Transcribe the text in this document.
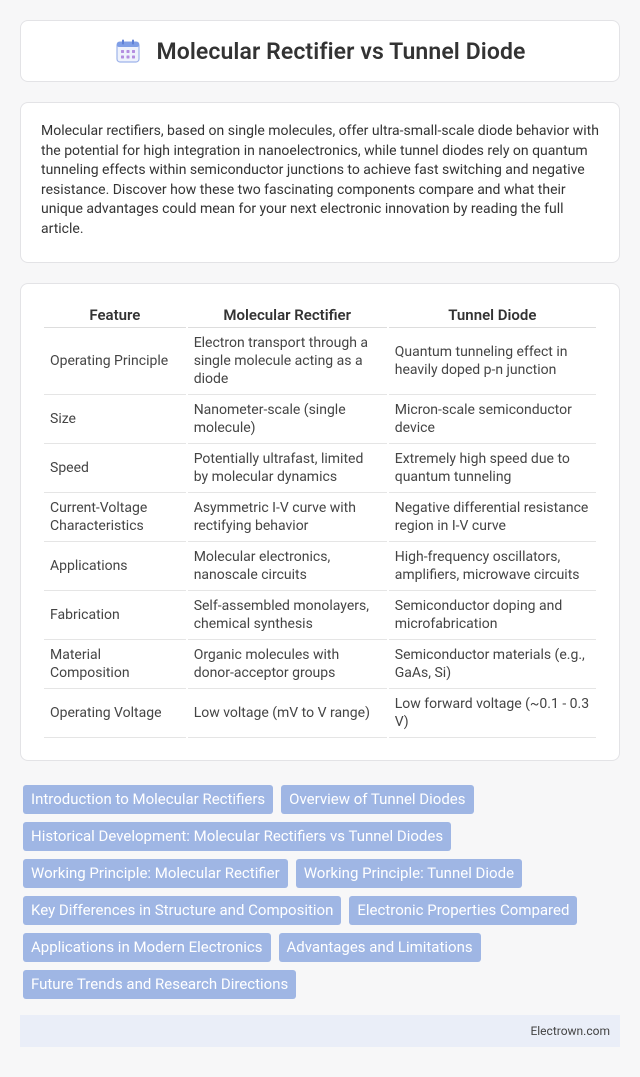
Molecular Rectifier vs Tunnel Diode

Molecular rectifiers, based on single molecules, offer ultra-small-scale diode behavior with the potential for high integration in nanoelectronics, while tunnel diodes rely on quantum tunneling effects within semiconductor junctions to achieve fast switching and negative resistance. Discover how these two fascinating components compare and what their unique advantages could mean for your next electronic innovation by reading the full article.

Feature	Molecular Rectifier	Tunnel Diode
Operating Principle	Electron transport through a single molecule acting as a diode	Quantum tunneling effect in heavily doped p-n junction
Size	Nanometer-scale (single molecule)	Micron-scale semiconductor device
Speed	Potentially ultrafast, limited by molecular dynamics	Extremely high speed due to quantum tunneling
Current-Voltage Characteristics	Asymmetric I-V curve with rectifying behavior	Negative differential resistance region in I-V curve
Applications	Molecular electronics, nanoscale circuits	High-frequency oscillators, amplifiers, microwave circuits
Fabrication	Self-assembled monolayers, chemical synthesis	Semiconductor doping and microfabrication
Material Composition	Organic molecules with donor-acceptor groups	Semiconductor materials (e.g., GaAs, Si)
Operating Voltage	Low voltage (mV to V range)	Low forward voltage (~0.1 - 0.3 V)
Introduction to Molecular Rectifiers	Overview of Tunnel Diodes
Historical Development: Molecular Rectifiers vs Tunnel Diodes
Working Principle: Molecular Rectifier	Working Principle: Tunnel Diode
Key Differences in Structure and Composition	Electronic Properties Compared
Applications in Modern Electronics	Advantages and Limitations
Future Trends and Research Directions
Electrown.com
